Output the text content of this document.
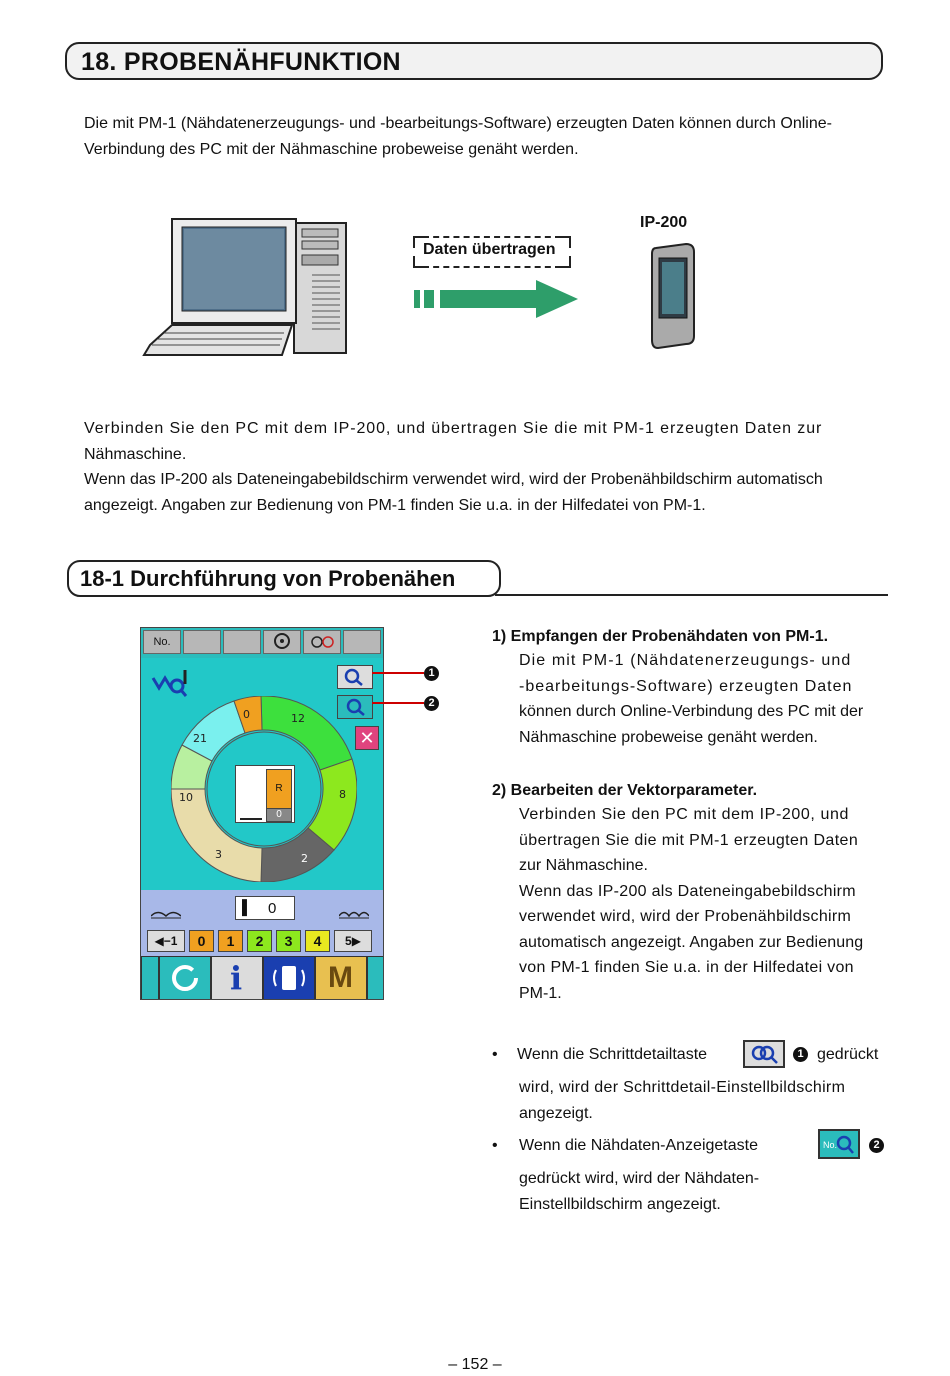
18. PROBENÄHFUNKTION
Die mit PM-1 (Nähdatenerzeugungs- und -bearbeitungs-Software) erzeugten Daten können durch Online-
Verbindung des PC mit der Nähmaschine probeweise genäht werden.
Daten übertragen
IP-200
Verbinden Sie den PC mit dem IP-200, und übertragen Sie die mit PM-1 erzeugten Daten zur
Nähmaschine.
Wenn das IP-200 als Dateneingabebildschirm verwendet wird, wird der Probenähbildschirm automatisch
angezeigt. Angaben zur Bedienung von PM-1 finden Sie u.a. in der Hilfedatei von PM-1.
18-1 Durchführung von Probenähen
No.
✕
0	12
21
10	8
3	2
R
0
▌ 0
◀−1	0	1	2	3	4	5▶
i	M
1
2
1) Empfangen der Probenähdaten von PM-1.
Die mit PM-1 (Nähdatenerzeugungs- und
-bearbeitungs-Software) erzeugten Daten
können durch Online-Verbindung des PC mit der
Nähmaschine probeweise genäht werden.
2) Bearbeiten der Vektorparameter.
Verbinden Sie den PC mit dem IP-200, und
übertragen Sie die mit PM-1 erzeugten Daten
zur Nähmaschine.
Wenn das IP-200 als Dateneingabebildschirm
verwendet wird, wird der Probenähbildschirm
automatisch angezeigt. Angaben zur Bedienung
von PM-1 finden Sie u.a. in der Hilfedatei von
PM-1.
• Wenn die Schrittdetailtaste	1 gedrückt
wird, wird der Schrittdetail-Einstellbildschirm
angezeigt.
• Wenn die Nähdaten-Anzeigetaste	No.	2
gedrückt wird, wird der Nähdaten-
Einstellbildschirm angezeigt.
– 152 –
